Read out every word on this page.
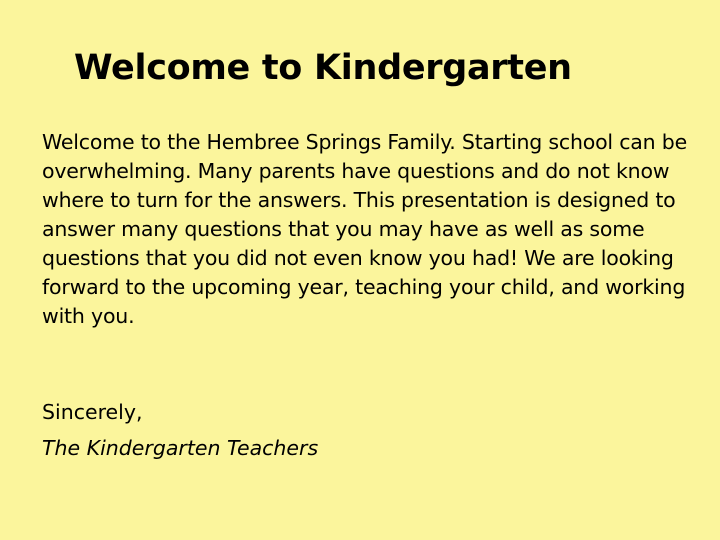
Welcome to Kindergarten

Welcome to the Hembree Springs Family. Starting school can be overwhelming. Many parents have questions and do not know where to turn for the answers. This presentation is designed to answer many questions that you may have as well as some questions that you did not even know you had! We are looking forward to the upcoming year, teaching your child, and working with you.

Sincerely,

The Kindergarten Teachers
